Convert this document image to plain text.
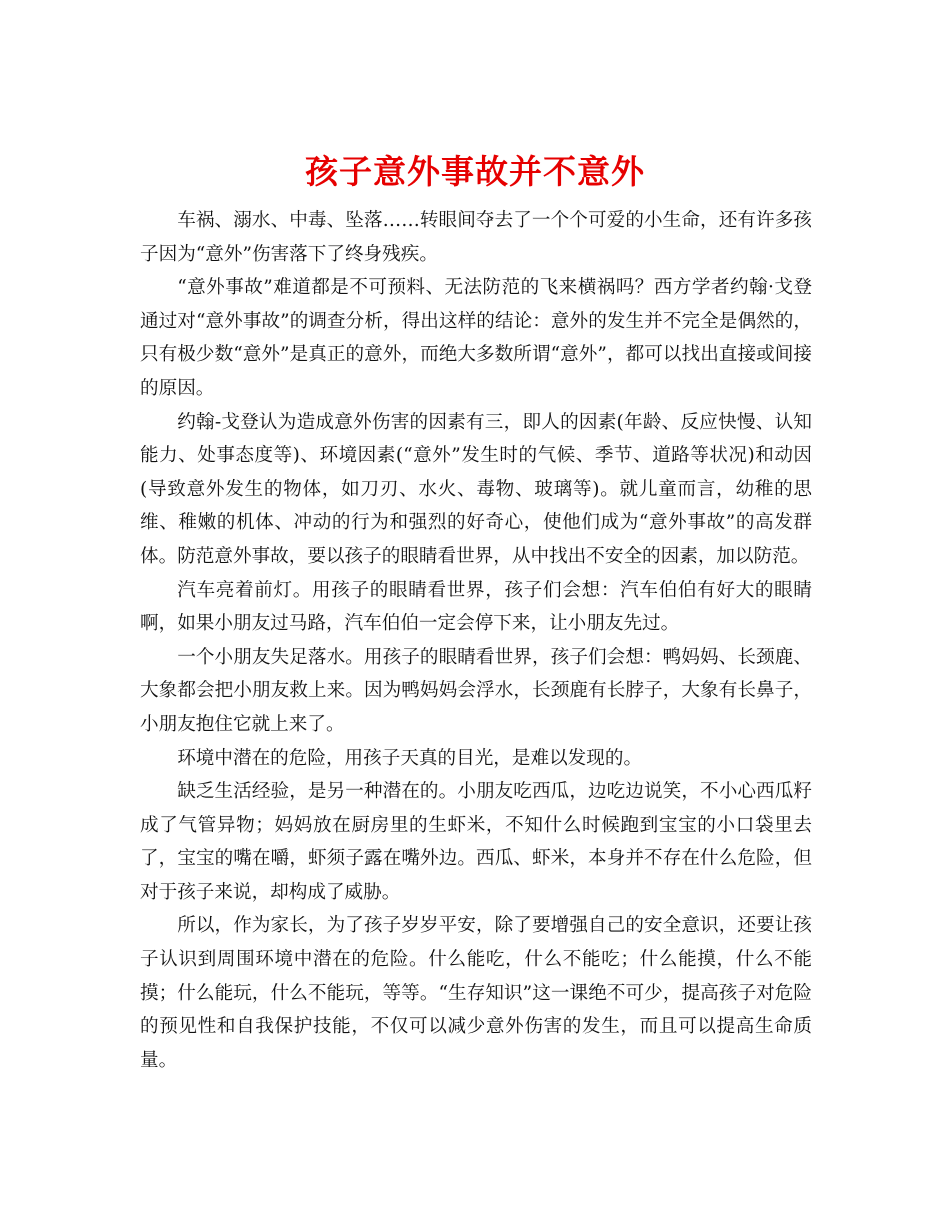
孩子意外事故并不意外

车祸、溺水、中毒、坠落……转眼间夺去了一个个可爱的小生命，还有许多孩子因为“意外”伤害落下了终身残疾。

“意外事故”难道都是不可预料、无法防范的飞来横祸吗？西方学者约翰·戈登通过对“意外事故”的调查分析，得出这样的结论：意外的发生并不完全是偶然的，只有极少数“意外”是真正的意外，而绝大多数所谓“意外”，都可以找出直接或间接的原因。

约翰-戈登认为造成意外伤害的因素有三，即人的因素(年龄、反应快慢、认知能力、处事态度等)、环境因素(“意外”发生时的气候、季节、道路等状况)和动因(导致意外发生的物体，如刀刃、水火、毒物、玻璃等)。就儿童而言，幼稚的思维、稚嫩的机体、冲动的行为和强烈的好奇心，使他们成为“意外事故”的高发群体。防范意外事故，要以孩子的眼睛看世界，从中找出不安全的因素，加以防范。

汽车亮着前灯。用孩子的眼睛看世界，孩子们会想：汽车伯伯有好大的眼睛啊，如果小朋友过马路，汽车伯伯一定会停下来，让小朋友先过。

一个小朋友失足落水。用孩子的眼睛看世界，孩子们会想：鸭妈妈、长颈鹿、大象都会把小朋友救上来。因为鸭妈妈会浮水，长颈鹿有长脖子，大象有长鼻子，小朋友抱住它就上来了。

环境中潜在的危险，用孩子天真的目光，是难以发现的。

缺乏生活经验，是另一种潜在的。小朋友吃西瓜，边吃边说笑，不小心西瓜籽成了气管异物；妈妈放在厨房里的生虾米，不知什么时候跑到宝宝的小口袋里去了，宝宝的嘴在嚼，虾须子露在嘴外边。西瓜、虾米，本身并不存在什么危险，但对于孩子来说，却构成了威胁。

所以，作为家长，为了孩子岁岁平安，除了要增强自己的安全意识，还要让孩子认识到周围环境中潜在的危险。什么能吃，什么不能吃；什么能摸，什么不能摸；什么能玩，什么不能玩，等等。“生存知识”这一课绝不可少，提高孩子对危险的预见性和自我保护技能，不仅可以减少意外伤害的发生，而且可以提高生命质量。
